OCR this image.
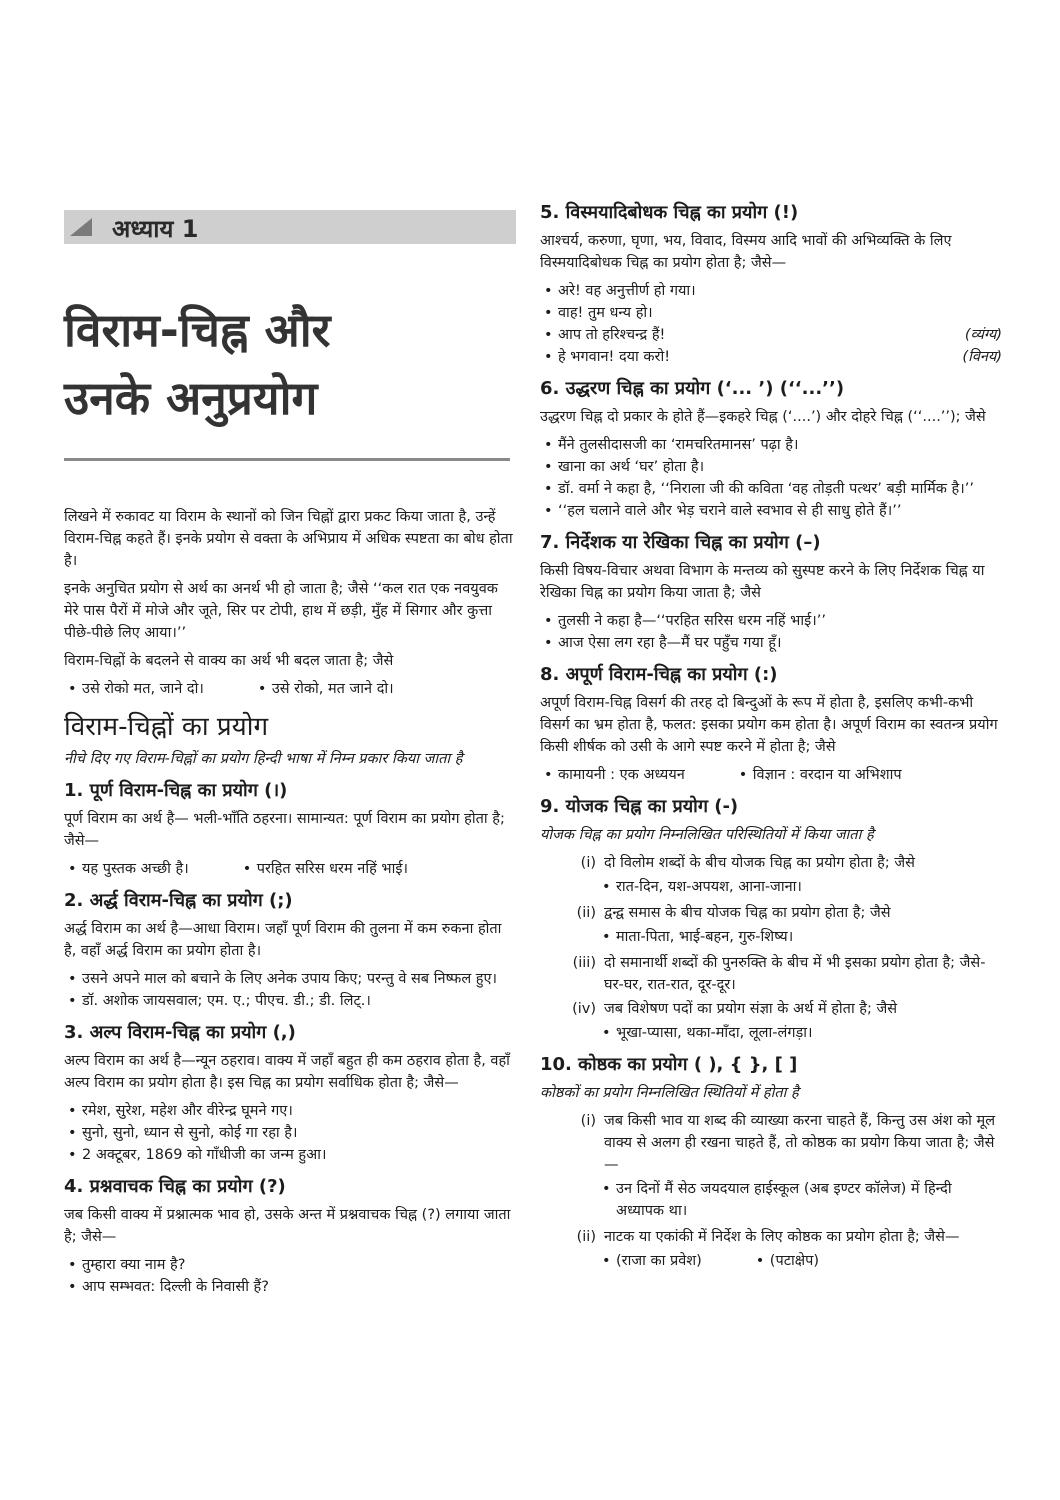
अध्याय 1
विराम-चिह्न और
उनके अनुप्रयोग

लिखने में रुकावट या विराम के स्थानों को जिन चिह्नों द्वारा प्रकट किया जाता है, उन्हें विराम-चिह्न कहते हैं। इनके प्रयोग से वक्ता के अभिप्राय में अधिक स्पष्टता का बोध होता है।

इनके अनुचित प्रयोग से अर्थ का अनर्थ भी हो जाता है; जैसे ‘‘कल रात एक नवयुवक मेरे पास पैरों में मोजे और जूते, सिर पर टोपी, हाथ में छड़ी, मुँह में सिगार और कुत्ता पीछे-पीछे लिए आया।’’

विराम-चिह्नों के बदलने से वाक्य का अर्थ भी बदल जाता है; जैसे

• उसे रोको मत, जाने दो।	• उसे रोको, मत जाने दो।
विराम-चिह्नों का प्रयोग

नीचे दिए गए विराम-चिह्नों का प्रयोग हिन्दी भाषा में निम्न प्रकार किया जाता है

1. पूर्ण विराम-चिह्न का प्रयोग (।)

पूर्ण विराम का अर्थ है— भली-भाँति ठहरना। सामान्यत: पूर्ण विराम का प्रयोग होता है; जैसे—

• यह पुस्तक अच्छी है।	• परहित सरिस धरम नहिं भाई।
2. अर्द्ध विराम-चिह्न का प्रयोग (;)

अर्द्ध विराम का अर्थ है—आधा विराम। जहाँ पूर्ण विराम की तुलना में कम रुकना होता है, वहाँ अर्द्ध विराम का प्रयोग होता है।

• उसने अपने माल को बचाने के लिए अनेक उपाय किए; परन्तु वे सब निष्फल हुए।
• डॉ. अशोक जायसवाल; एम. ए.; पीएच. डी.; डी. लिट्.।
3. अल्प विराम-चिह्न का प्रयोग (,)

अल्प विराम का अर्थ है—न्यून ठहराव। वाक्य में जहाँ बहुत ही कम ठहराव होता है, वहाँ अल्प विराम का प्रयोग होता है। इस चिह्न का प्रयोग सर्वाधिक होता है; जैसे—

• रमेश, सुरेश, महेश और वीरेन्द्र घूमने गए।
• सुनो, सुनो, ध्यान से सुनो, कोई गा रहा है।
• 2 अक्टूबर, 1869 को गाँधीजी का जन्म हुआ।
4. प्रश्नवाचक चिह्न का प्रयोग (?)

जब किसी वाक्य में प्रश्नात्मक भाव हो, उसके अन्त में प्रश्नवाचक चिह्न (?) लगाया जाता है; जैसे—

• तुम्हारा क्या नाम है?
• आप सम्भवत: दिल्ली के निवासी हैं?
5. विस्मयादिबोधक चिह्न का प्रयोग (!)

आश्चर्य, करुणा, घृणा, भय, विवाद, विस्मय आदि भावों की अभिव्यक्ति के लिए विस्मयादिबोधक चिह्न का प्रयोग होता है; जैसे—

• अरे! वह अनुत्तीर्ण हो गया।
• वाह! तुम धन्य हो।
• आप तो हरिश्चन्द्र हैं!	(व्यंग्य)
• हे भगवान! दया करो!	(विनय)
6. उद्धरण चिह्न का प्रयोग (‘... ’) (‘‘...’’)

उद्धरण चिह्न दो प्रकार के होते हैं—इकहरे चिह्न (‘....’) और दोहरे चिह्न (‘‘....’’); जैसे

• मैंने तुलसीदासजी का ‘रामचरितमानस’ पढ़ा है।
• खाना का अर्थ ‘घर’ होता है।
• डॉ. वर्मा ने कहा है, ‘‘निराला जी की कविता ‘वह तोड़ती पत्थर’ बड़ी मार्मिक है।’’
• ‘‘हल चलाने वाले और भेड़ चराने वाले स्वभाव से ही साधु होते हैं।’’
7. निर्देशक या रेखिका चिह्न का प्रयोग (–)

किसी विषय-विचार अथवा विभाग के मन्तव्य को सुस्पष्ट करने के लिए निर्देशक चिह्न या रेखिका चिह्न का प्रयोग किया जाता है; जैसे

• तुलसी ने कहा है—‘‘परहित सरिस धरम नहिं भाई।’’
• आज ऐसा लग रहा है—मैं घर पहुँच गया हूँ।
8. अपूर्ण विराम-चिह्न का प्रयोग (:)

अपूर्ण विराम-चिह्न विसर्ग की तरह दो बिन्दुओं के रूप में होता है, इसलिए कभी-कभी विसर्ग का भ्रम होता है, फलत: इसका प्रयोग कम होता है। अपूर्ण विराम का स्वतन्त्र प्रयोग किसी शीर्षक को उसी के आगे स्पष्ट करने में होता है; जैसे

• कामायनी : एक अध्ययन	• विज्ञान : वरदान या अभिशाप
9. योजक चिह्न का प्रयोग (-)

योजक चिह्न का प्रयोग निम्नलिखित परिस्थितियों में किया जाता है

(i) दो विलोम शब्दों के बीच योजक चिह्न का प्रयोग होता है; जैसे
• रात-दिन, यश-अपयश, आना-जाना।
(ii) द्वन्द्व समास के बीच योजक चिह्न का प्रयोग होता है; जैसे
• माता-पिता, भाई-बहन, गुरु-शिष्य।
(iii) दो समानार्थी शब्दों की पुनरुक्ति के बीच में भी इसका प्रयोग होता है; जैसे-घर-घर, रात-रात, दूर-दूर।
(iv) जब विशेषण पदों का प्रयोग संज्ञा के अर्थ में होता है; जैसे
• भूखा-प्यासा, थका-माँदा, लूला-लंगड़ा।
10. कोष्ठक का प्रयोग ( ), { }, [ ]

कोष्ठकों का प्रयोग निम्नलिखित स्थितियों में होता है

(i) जब किसी भाव या शब्द की व्याख्या करना चाहते हैं, किन्तु उस अंश को मूल वाक्य से अलग ही रखना चाहते हैं, तो कोष्ठक का प्रयोग किया जाता है; जैसे—
• उन दिनों मैं सेठ जयदयाल हाईस्कूल (अब इण्टर कॉलेज) में हिन्दी अध्यापक था।
(ii) नाटक या एकांकी में निर्देश के लिए कोष्ठक का प्रयोग होता है; जैसे—
• (राजा का प्रवेश)	• (पटाक्षेप)
